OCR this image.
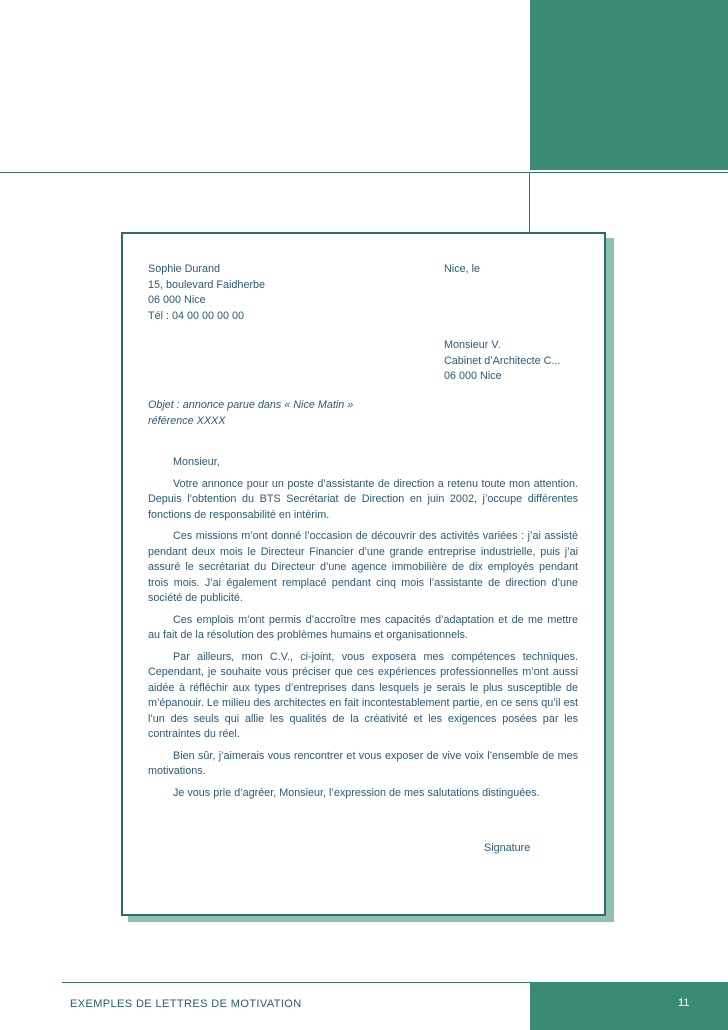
Sophie Durand
15, boulevard Faidherbe
06 000 Nice
Tél : 04 00 00 00 00
Nice, le
Monsieur V.
Cabinet d’Architecte C...
06 000 Nice
Objet : annonce parue dans « Nice Matin »
référence XXXX

Monsieur,

Votre annonce pour un poste d’assistante de direction a retenu toute mon attention. Depuis l’obtention du BTS Secrétariat de Direction en juin 2002, j’occupe différentes fonctions de responsabilité en intérim.

Ces missions m’ont donné l’occasion de découvrir des activités variées : j’ai assisté pendant deux mois le Directeur Financier d’une grande entreprise industrielle, puis j’ai assuré le secrétariat du Directeur d’une agence immobilière de dix employés pendant trois mois. J’ai également remplacé pendant cinq mois l’assistante de direction d’une société de publicité.

Ces emplois m’ont permis d’accroître mes capacités d’adaptation et de me mettre au fait de la résolution des problèmes humains et organisationnels.

Par ailleurs, mon C.V., ci-joint, vous exposera mes compétences techniques. Cependant, je souhaite vous préciser que ces expériences professionnelles m’ont aussi aidée à réfléchir aux types d’entreprises dans lesquels je serais le plus susceptible de m’épanouir. Le milieu des architectes en fait incontestablement partie, en ce sens qu’il est l’un des seuls qui allie les qualités de la créativité et les exigences posées par les contraintes du réel.

Bien sûr, j’aimerais vous rencontrer et vous exposer de vive voix l’ensemble de mes motivations.

Je vous prie d’agréer, Monsieur, l’expression de mes salutations distinguées.

Signature
EXEMPLES DE LETTRES DE MOTIVATION	11
